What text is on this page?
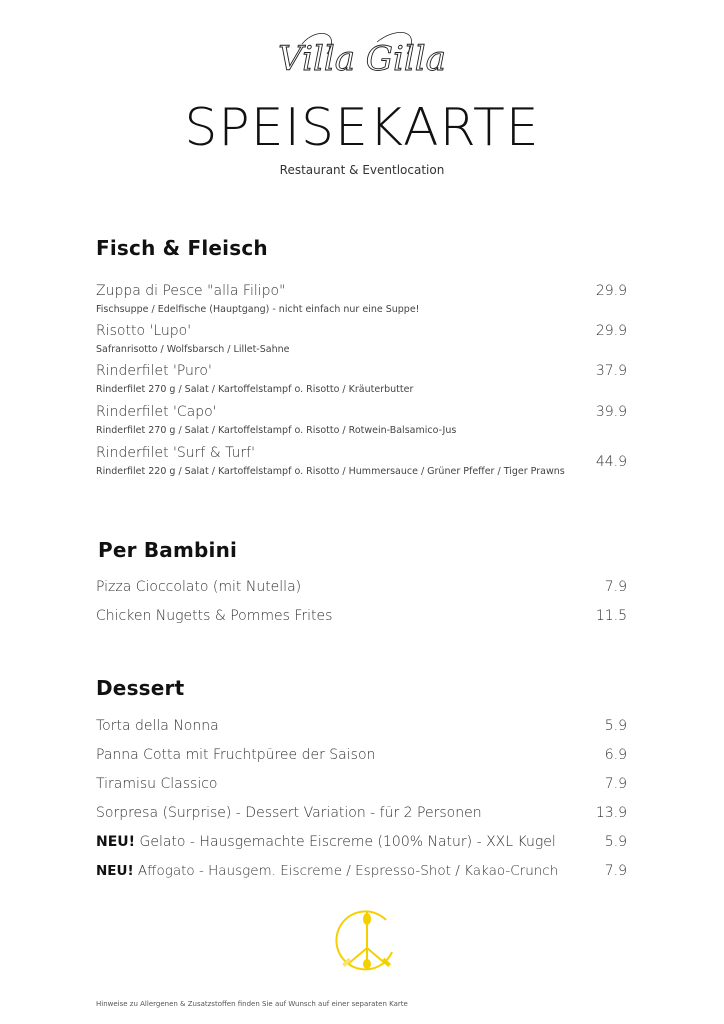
Villa Gilla
SPEISEKARTE
Restaurant & Eventlocation
Fisch & Fleisch
Zuppa di Pesce "alla Filipo"
Fischsuppe / Edelfische (Hauptgang) - nicht einfach nur eine Suppe!
29.9
Risotto 'Lupo'
Safranrisotto / Wolfsbarsch / Lillet-Sahne
29.9
Rinderfilet 'Puro'
Rinderfilet 270 g / Salat / Kartoffelstampf o. Risotto / Kräuterbutter
37.9
Rinderfilet 'Capo'
Rinderfilet 270 g / Salat / Kartoffelstampf o. Risotto / Rotwein-Balsamico-Jus
39.9
Rinderfilet 'Surf & Turf'
Rinderfilet 220 g / Salat / Kartoffelstampf o. Risotto / Hummersauce / Grüner Pfeffer / Tiger Prawns
44.9
Per Bambini
Pizza Cioccolato (mit Nutella)	7.9
Chicken Nugetts & Pommes Frites	11.5
Dessert
Torta della Nonna	5.9
Panna Cotta mit Fruchtpüree der Saison	6.9
Tiramisu Classico	7.9
Sorpresa (Surprise) - Dessert Variation - für 2 Personen	13.9
NEU! Gelato - Hausgemachte Eiscreme (100% Natur) - XXL Kugel	5.9
NEU! Affogato - Hausgem. Eiscreme / Espresso-Shot / Kakao-Crunch	7.9
Hinweise zu Allergenen & Zusatzstoffen finden Sie auf Wunsch auf einer separaten Karte
